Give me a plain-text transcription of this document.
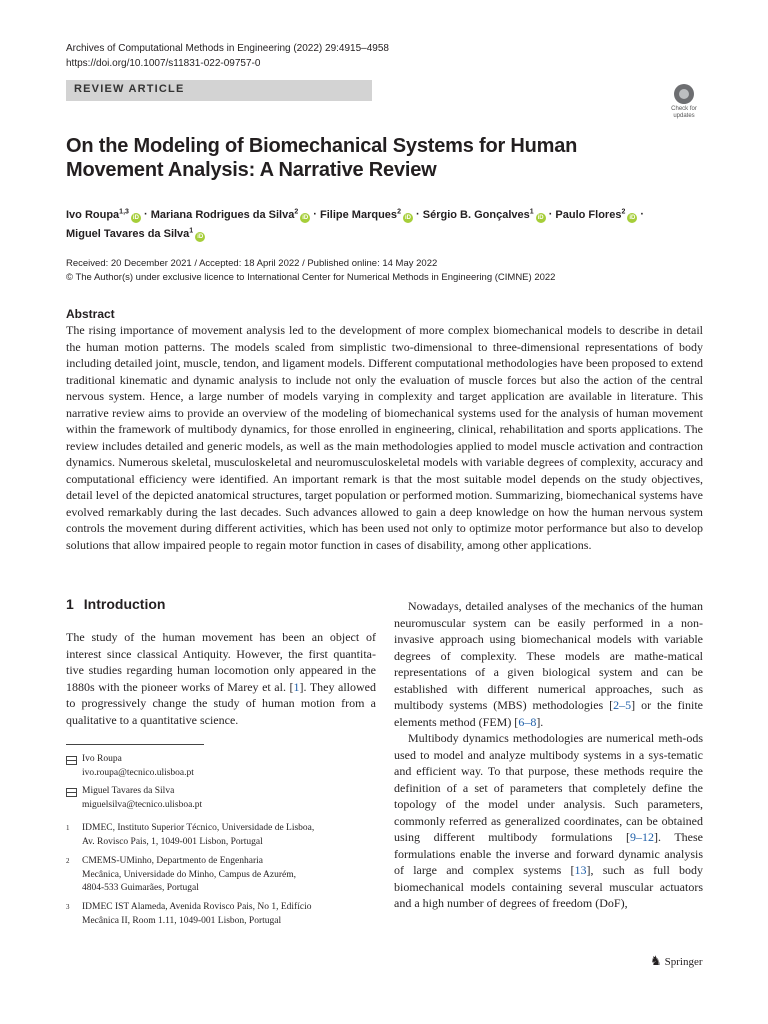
Archives of Computational Methods in Engineering (2022) 29:4915–4958
https://doi.org/10.1007/s11831-022-09757-0
REVIEW ARTICLE
Check for
updates
On the Modeling of Biomechanical Systems for Human Movement Analysis: A Narrative Review
Ivo Roupa$^{1,3}$iD · Mariana Rodrigues da Silva$^2$iD · Filipe Marques$^2$iD · Sérgio B. Gonçalves$^1$iD · Paulo Flores$^2$iD ·
Miguel Tavares da Silva$^1$iD
Received: 20 December 2021 / Accepted: 18 April 2022 / Published online: 14 May 2022
© The Author(s) under exclusive licence to International Center for Numerical Methods in Engineering (CIMNE) 2022
Abstract
The rising importance of movement analysis led to the development of more complex biomechanical models to describe in detail the human motion patterns. The models scaled from simplistic two-dimensional to three-dimensional representations of body including detailed joint, muscle, tendon, and ligament models. Different computational methodologies have been proposed to extend traditional kinematic and dynamic analysis to include not only the evaluation of muscle forces but also the action of the central nervous system. Hence, a large number of models varying in complexity and target application are available in literature. This narrative review aims to provide an overview of the modeling of biomechanical systems used for the analysis of human movement within the framework of multibody dynamics, for those enrolled in engineering, clinical, rehabilitation and sports applications. The review includes detailed and generic models, as well as the main methodologies applied to model muscle activation and contraction dynamics. Numerous skeletal, musculoskeletal and neuromusculoskeletal models with variable degrees of complexity, accuracy and computational efficiency were identified. An important remark is that the most suitable model depends on the study objectives, detail level of the depicted anatomical structures, target population or performed motion. Summarizing, biomechanical systems have evolved remarkably during the last decades. Such advances allowed to gain a deep knowledge on how the human nervous system controls the movement during different activities, which has been used not only to optimize motor performance but also to develop solutions that allow impaired people to regain motor function in cases of disability, among other applications.
1 Introduction
The study of the human movement has been an object of interest since classical Antiquity. However, the first quantita-tive studies regarding human locomotion only appeared in the 1880s with the pioneer works of Marey et al. [1]. They allowed to progressively change the study of human motion from a qualitative to a quantitative science.

Nowadays, detailed analyses of the mechanics of the human neuromuscular system can be easily performed in a non-invasive approach using biomechanical models with variable degrees of complexity. These models are mathe-matical representations of a given biological system and can be established with different numerical approaches, such as multibody systems (MBS) methodologies [2–5] or the finite elements method (FEM) [6–8].

Multibody dynamics methodologies are numerical meth-ods used to model and analyze multibody systems in a sys-tematic and efficient way. To that purpose, these methods require the definition of a set of parameters that completely define the topology of the model under analysis. Such parameters, commonly referred as generalized coordinates, can be obtained using different multibody formulations [9–12]. These formulations enable the inverse and forward dynamic analysis of large and complex systems [13], such as full body biomechanical models containing several muscular actuators and a high number of degrees of freedom (DoF),

Ivo Roupa
ivo.roupa@tecnico.ulisboa.pt
Miguel Tavares da Silva
miguelsilva@tecnico.ulisboa.pt
1	IDMEC, Instituto Superior Técnico, Universidade de Lisboa,
Av. Rovisco Pais, 1, 1049-001 Lisbon, Portugal
2	CMEMS-UMinho, Departmento de Engenharia
Mecânica, Universidade do Minho, Campus de Azurém,
4804-533 Guimarães, Portugal
3	IDMEC IST Alameda, Avenida Rovisco Pais, No 1, Edifício
Mecânica II, Room 1.11, 1049-001 Lisbon, Portugal
♞ Springer
